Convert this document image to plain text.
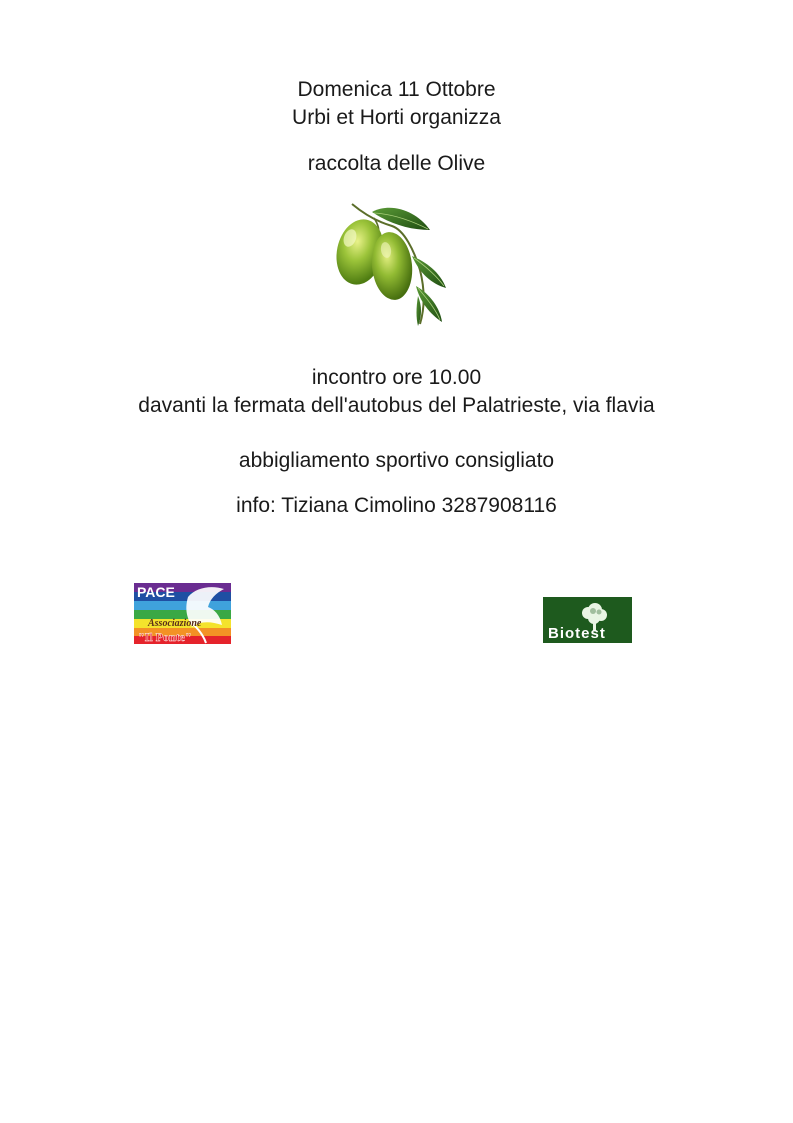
Domenica 11 Ottobre
Urbi et Horti organizza
raccolta delle Olive
incontro ore 10.00
davanti la fermata dell'autobus del Palatrieste, via flavia
abbigliamento sportivo consigliato
info: Tiziana Cimolino 3287908116
PACE
Associazione
"Il Ponte"	Biotest
